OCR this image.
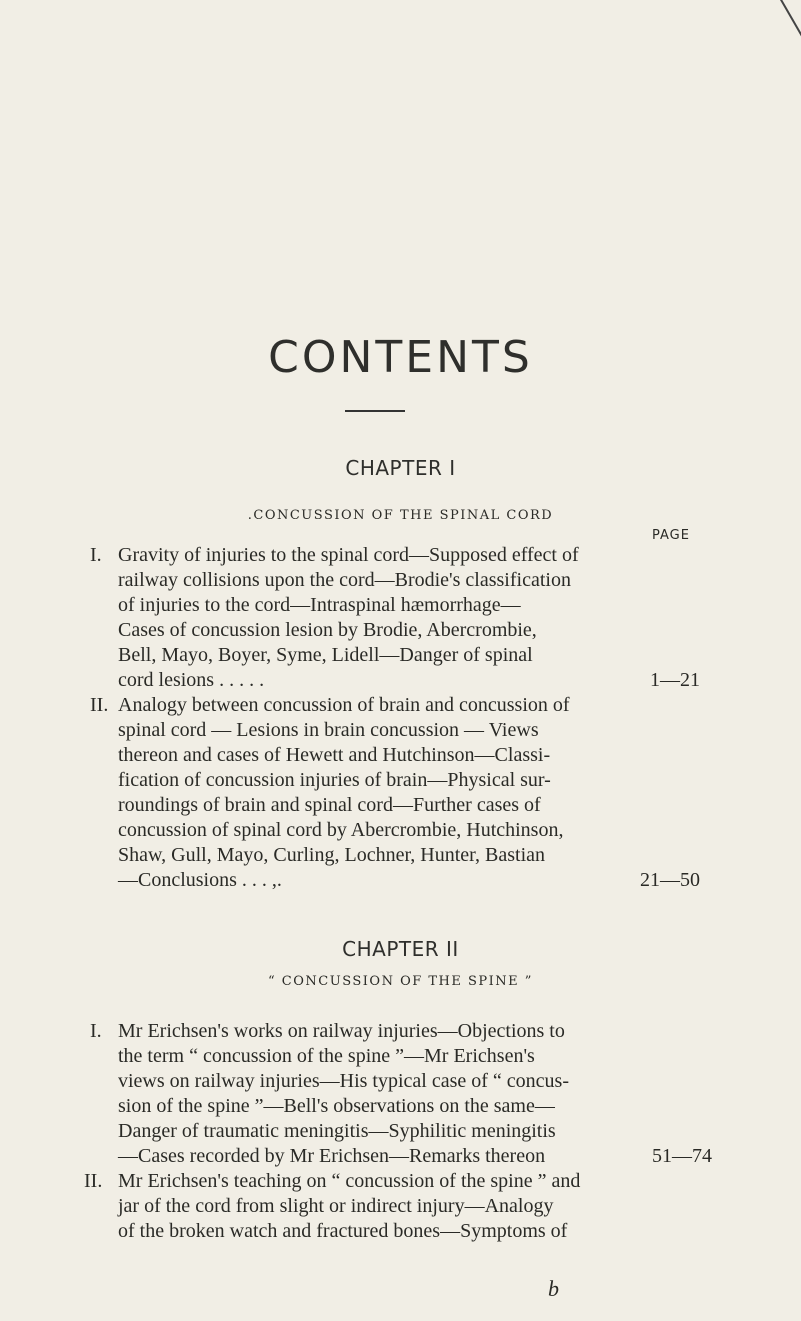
CONTENTS
CHAPTER I
.CONCUSSION OF THE SPINAL CORD
PAGE
I. Gravity of injuries to the spinal cord—Supposed effect of
railway collisions upon the cord—Brodie's classification
of injuries to the cord—Intraspinal hæmorrhage—
Cases of concussion lesion by Brodie, Abercrombie,
Bell, Mayo, Boyer, Syme, Lidell—Danger of spinal
cord lesions . . . . .	1—21
II. Analogy between concussion of brain and concussion of
spinal cord — Lesions in brain concussion — Views
thereon and cases of Hewett and Hutchinson—Classi-
fication of concussion injuries of brain—Physical sur-
roundings of brain and spinal cord—Further cases of
concussion of spinal cord by Abercrombie, Hutchinson,
Shaw, Gull, Mayo, Curling, Lochner, Hunter, Bastian
—Conclusions . . . ,.	21—50
CHAPTER II
“ CONCUSSION OF THE SPINE ”
I. Mr Erichsen's works on railway injuries—Objections to
the term “ concussion of the spine ”—Mr Erichsen's
views on railway injuries—His typical case of “ concus-
sion of the spine ”—Bell's observations on the same—
Danger of traumatic meningitis—Syphilitic meningitis
—Cases recorded by Mr Erichsen—Remarks thereon	51—74
II. Mr Erichsen's teaching on “ concussion of the spine ” and
jar of the cord from slight or indirect injury—Analogy
of the broken watch and fractured bones—Symptoms of
b
